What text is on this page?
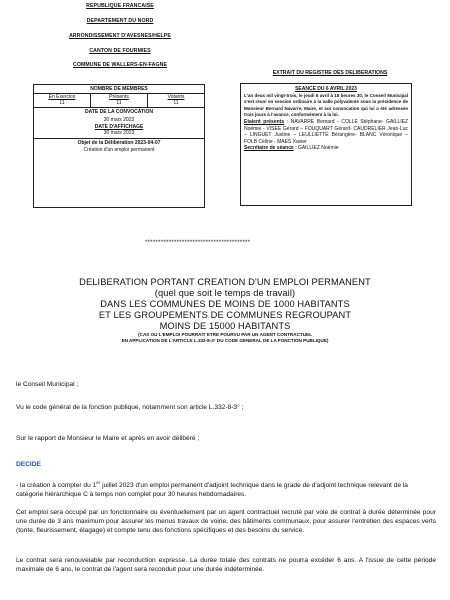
REPUBLIQUE FRANCAISE
DEPARTEMENT DU NORD
ARRONDISSEMENT D'AVESNES/HELPE
CANTON DE FOURMIES
COMMUNE DE WALLERS-EN-FAGNE
EXTRAIT DU REGISTRE DES DELIBERATIONS
NOMBRE DE MEMBRES
En Exercice
11
Présents
11
Votants
11
DATE DE LA CONVOCATION
30 mars 2023
DATE D'AFFICHAGE
30 mars 2023
Objet de la Délibération 2023-04-07
Création d'un emploi permanent

SEANCE DU 6 AVRIL 2023

L'an deux mil vingt-trois, le jeudi 6 avril à 18 heures 30, le Conseil Municipal s'est réuni en session ordinaire à la salle polyvalente sous la présidence de Monsieur Bernard Navarre, Maire, et sur convocation qui lui a été adressée trois jours à l'avance, conformément à la loi.

Etaient présents : NAVARRE Bernard - COLLE Stéphane- GAILLIEZ Noémie - VISEE Gérard – FOUQUART Gérard- CAUDRELIER Jean-Luc – LINGUET Justine – LEULLIETTE Bérangère- BLANC Véronique – FOLB Céline - MAES Xavier

Secrétaire de séance : GAILLIEZ Noémie

****************************************
DELIBERATION PORTANT CREATION D'UN EMPLOI PERMANENT
(quel que soit le temps de travail)
DANS LES COMMUNES DE MOINS DE 1000 HABITANTS
ET LES GROUPEMENTS DE COMMUNES REGROUPANT
MOINS DE 15000 HABITANTS
(CAS OU L'EMPLOI POURRAIT ETRE POURVU PAR UN AGENT CONTRACTUEL
EN APPLICATION DE L'ARTICLE L.332-8-3° DU CODE GENERAL DE LA FONCTION PUBLIQUE)
le Conseil Municipal ;
Vu le code général de la fonction publique, notamment son article L.332-8-3° ;
Sur le rapport de Monsieur le Maire et après en avoir délibéré ;
DECIDE
- la création à compter du 1er juillet 2023 d'un emploi permanent d'adjoint technique dans le grade de d'adjoint technique relevant de la catégorie hiérarchique C à temps non complet pour 30 heures hebdomadaires.
Cet emploi sera occupé par un fonctionnaire ou éventuellement par un agent contractuel recruté par voie de contrat à durée déterminée pour une durée de 3 ans maximum pour assurer les menus travaux de voirie, des bâtiments communaux, pour assurer l'entretien des espaces verts (tonte, fleurissement, élagage) et compte tenu des fonctions spécifiques et des besoins du service.
Le contrat sera renouvelable par reconduction expresse. La durée totale des contrats ne pourra excéder 6 ans. A l'issue de cette période maximale de 6 ans, le contrat de l'agent sera reconduit pour une durée indéterminée.
